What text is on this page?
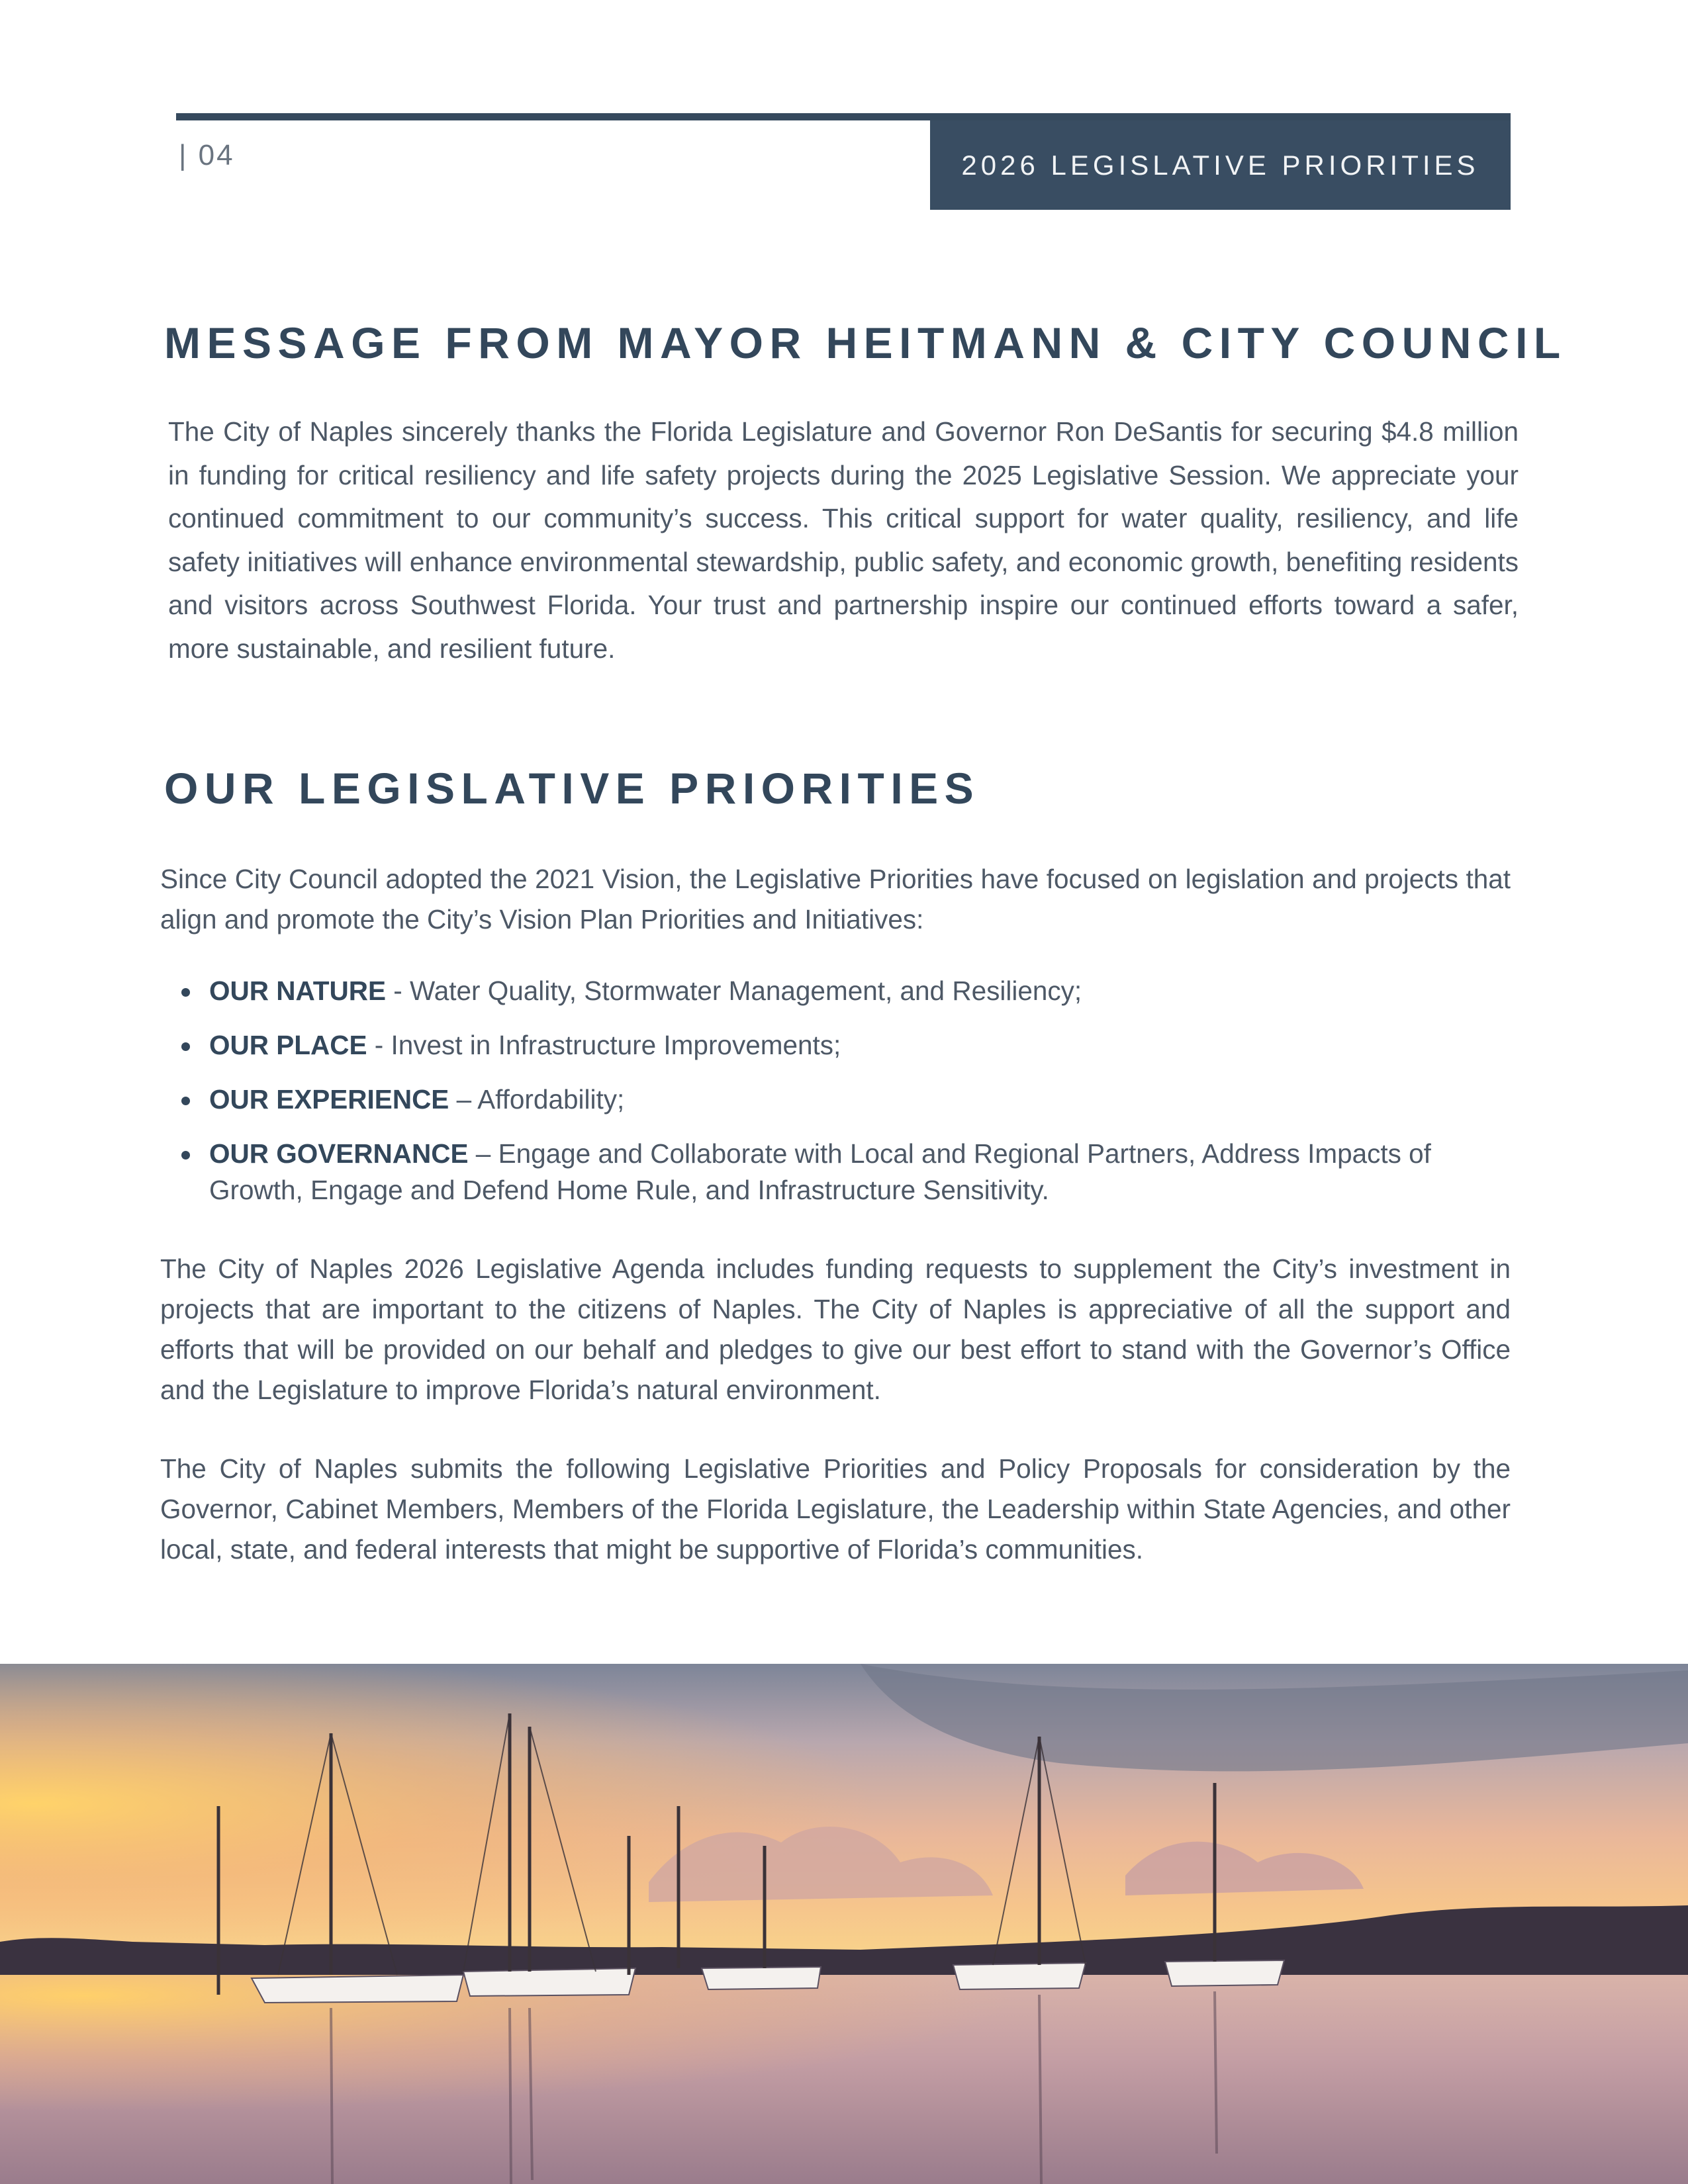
| 04	2026 LEGISLATIVE PRIORITIES
MESSAGE FROM MAYOR HEITMANN & CITY COUNCIL
The City of Naples sincerely thanks the Florida Legislature and Governor Ron DeSantis for securing $4.8 million in funding for critical resiliency and life safety projects during the 2025 Legislative Session. We appreciate your continued commitment to our community’s success. This critical support for water quality, resiliency, and life safety initiatives will enhance environmental stewardship, public safety, and economic growth, benefiting residents and visitors across Southwest Florida. Your trust and partnership inspire our continued efforts toward a safer, more sustainable, and resilient future.
OUR LEGISLATIVE PRIORITIES
Since City Council adopted the 2021 Vision, the Legislative Priorities have focused on legislation and projects that align and promote the City’s Vision Plan Priorities and Initiatives:
OUR NATURE - Water Quality, Stormwater Management, and Resiliency;
OUR PLACE - Invest in Infrastructure Improvements;
OUR EXPERIENCE – Affordability;
OUR GOVERNANCE – Engage and Collaborate with Local and Regional Partners, Address Impacts of Growth, Engage and Defend Home Rule, and Infrastructure Sensitivity.
The City of Naples 2026 Legislative Agenda includes funding requests to supplement the City’s investment in projects that are important to the citizens of Naples. The City of Naples is appreciative of all the support and efforts that will be provided on our behalf and pledges to give our best effort to stand with the Governor’s Office and the Legislature to improve Florida’s natural environment.
The City of Naples submits the following Legislative Priorities and Policy Proposals for consideration by the Governor, Cabinet Members, Members of the Florida Legislature, the Leadership within State Agencies, and other local, state, and federal interests that might be supportive of Florida’s communities.
